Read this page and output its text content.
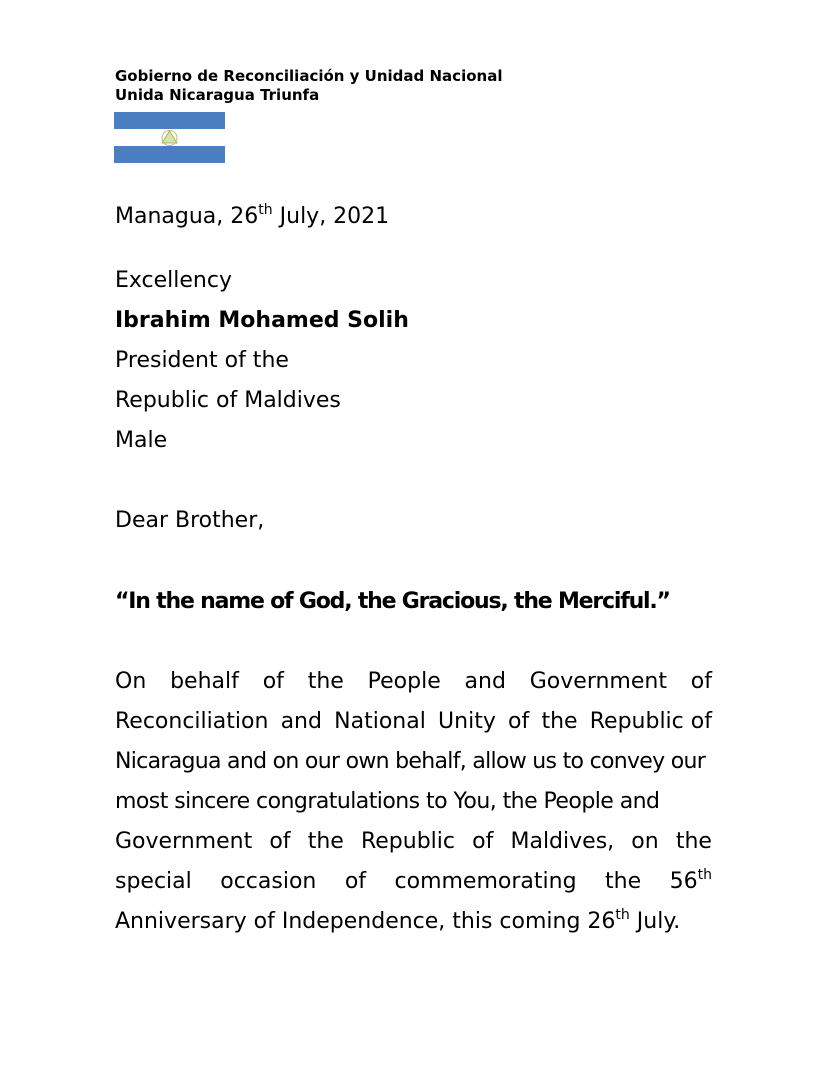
Gobierno de Reconciliación y Unidad Nacional
Unida Nicaragua Triunfa
Managua, 26th July, 2021
Excellency
Ibrahim Mohamed Solih
President of the
Republic of Maldives
Male
Dear Brother,
“In the name of God, the Gracious, the Merciful.”
On behalf of the People and Government of
Reconciliation and National Unity of the Republic of
Nicaragua and on our own behalf, allow us to convey our
most sincere congratulations to You, the People and
Government of the Republic of Maldives, on the
special occasion of commemorating the 56th
Anniversary of Independence, this coming 26th July.
